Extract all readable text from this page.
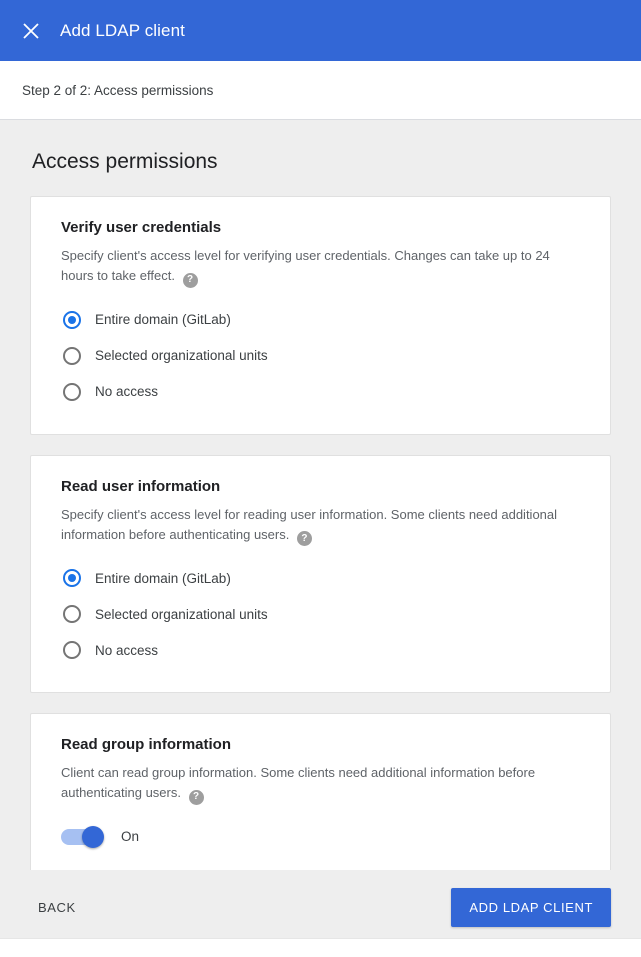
Add LDAP client
Step 2 of 2: Access permissions
Access permissions
Verify user credentials
Specify client's access level for verifying user credentials. Changes can take up to 24 hours to take effect. ?
Entire domain (GitLab)
Selected organizational units
No access
Read user information
Specify client's access level for reading user information. Some clients need additional information before authenticating users. ?
Entire domain (GitLab)
Selected organizational units
No access
Read group information
Client can read group information. Some clients need additional information before authenticating users. ?
On
BACK	ADD LDAP CLIENT
